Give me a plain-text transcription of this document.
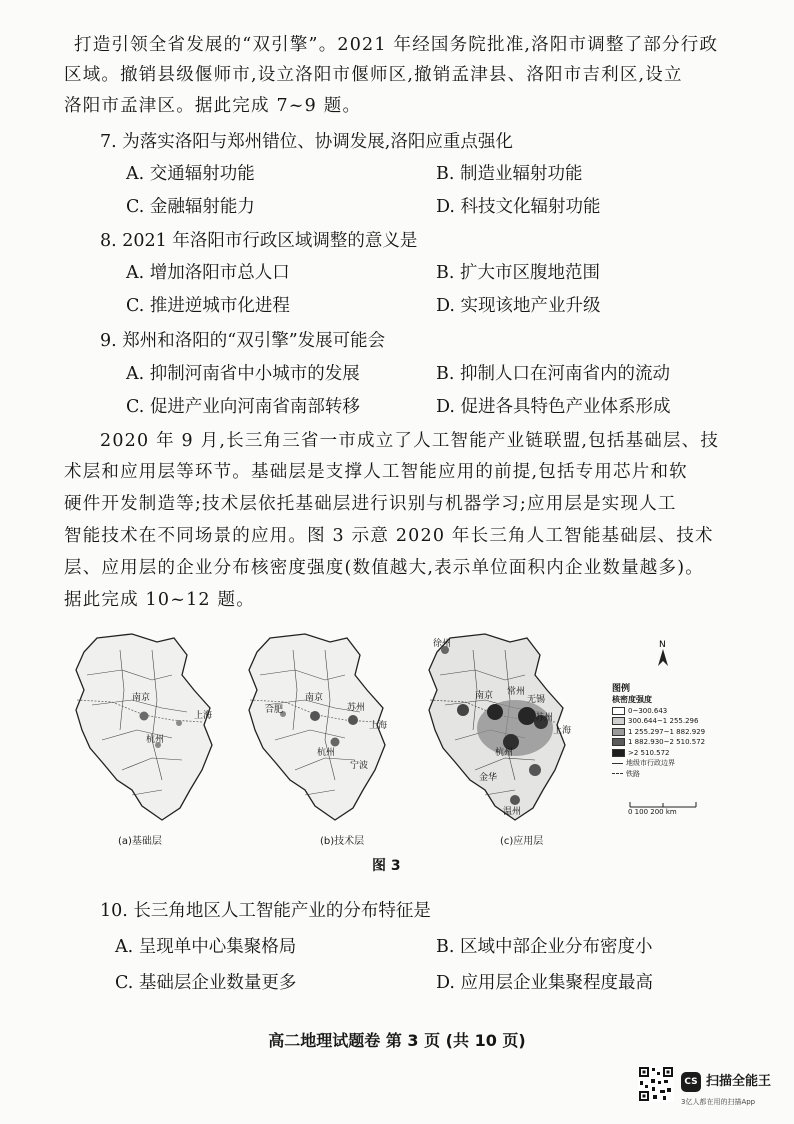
打造引领全省发展的“双引擎”。2021 年经国务院批准,洛阳市调整了部分行政
区域。撤销县级偃师市,设立洛阳市偃师区,撤销孟津县、洛阳市吉利区,设立
洛阳市孟津区。据此完成 7~9 题。
7. 为落实洛阳与郑州错位、协调发展,洛阳应重点强化
A. 交通辐射功能	B. 制造业辐射功能
C. 金融辐射能力	D. 科技文化辐射功能
8. 2021 年洛阳市行政区域调整的意义是
A. 增加洛阳市总人口	B. 扩大市区腹地范围
C. 推进逆城市化进程	D. 实现该地产业升级
9. 郑州和洛阳的“双引擎”发展可能会
A. 抑制河南省中小城市的发展	B. 抑制人口在河南省内的流动
C. 促进产业向河南省南部转移	D. 促进各具特色产业体系形成
2020 年 9 月,长三角三省一市成立了人工智能产业链联盟,包括基础层、技
术层和应用层等环节。基础层是支撑人工智能应用的前提,包括专用芯片和软
硬件开发制造等;技术层依托基础层进行识别与机器学习;应用层是实现人工
智能技术在不同场景的应用。图 3 示意 2020 年长三角人工智能基础层、技术
层、应用层的企业分布核密度强度(数值越大,表示单位面积内企业数量越多)。
据此完成 10~12 题。
南京
上海
杭州
(a)基础层
南京
合肥	苏州
上海
杭州
宁波
(b)技术层
徐州
南京 常州
无锡
苏州
上海
杭州
金华
温州
(c)应用层
N
图例
核密度强度
0~300.643
300.644~1 255.296
1 255.297~1 882.929
1 882.930~2 510.572
>2 510.572
地级市行政边界
铁路
0 100 200 km
图 3
10. 长三角地区人工智能产业的分布特征是
A. 呈现单中心集聚格局	B. 区域中部企业分布密度小
C. 基础层企业数量更多	D. 应用层企业集聚程度最高
高二地理试题卷 第 3 页 (共 10 页)
CS 扫描全能王
3亿人都在用的扫描App
